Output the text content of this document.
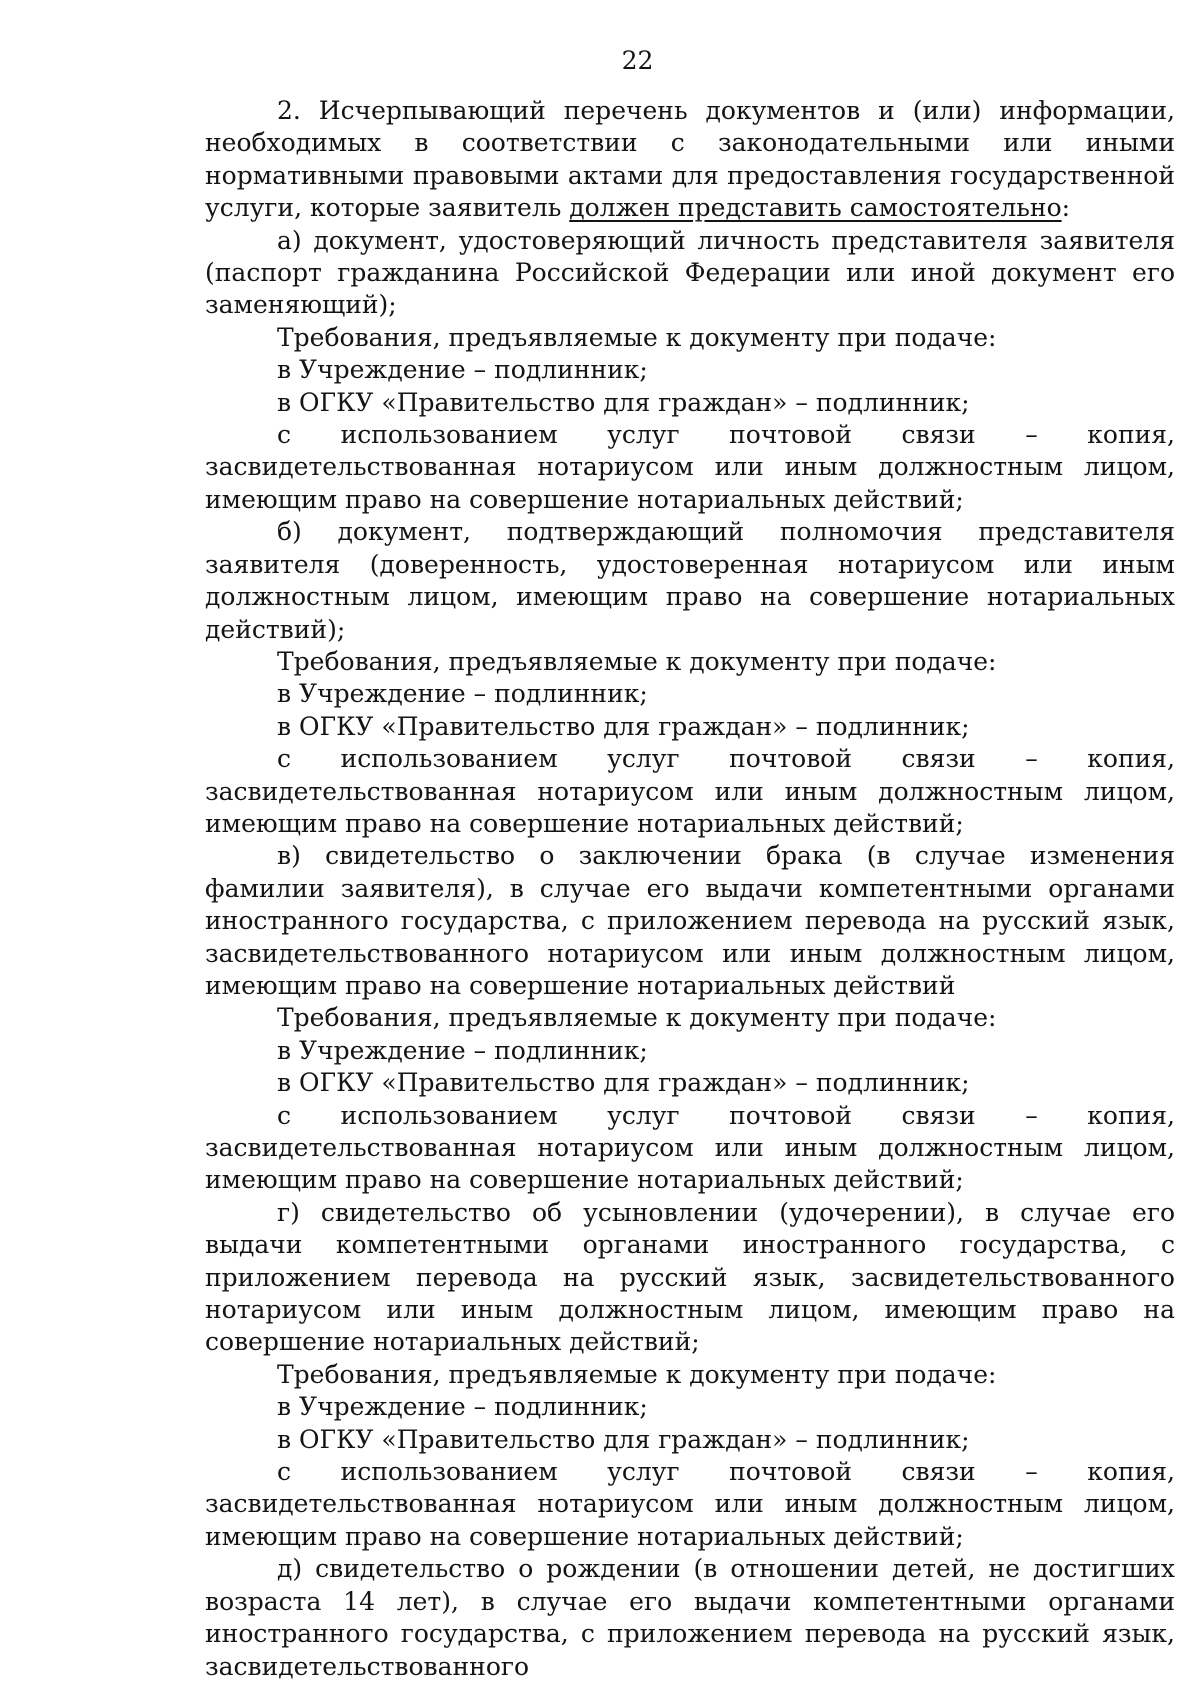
22

2. Исчерпывающий перечень документов и (или) информации, необходимых в соответствии с законодательными или иными нормативными правовыми актами для предоставления государственной услуги, которые заявитель должен представить самостоятельно:

а) документ, удостоверяющий личность представителя заявителя (паспорт гражданина Российской Федерации или иной документ его заменяющий);

Требования, предъявляемые к документу при подаче:

в Учреждение – подлинник;

в ОГКУ «Правительство для граждан» – подлинник;

с использованием услуг почтовой связи – копия, засвидетельствованная нотариусом или иным должностным лицом, имеющим право на совершение нотариальных действий;

б) документ, подтверждающий полномочия представителя заявителя (доверенность, удостоверенная нотариусом или иным должностным лицом, имеющим право на совершение нотариальных действий);

Требования, предъявляемые к документу при подаче:

в Учреждение – подлинник;

в ОГКУ «Правительство для граждан» – подлинник;

с использованием услуг почтовой связи – копия, засвидетельствованная нотариусом или иным должностным лицом, имеющим право на совершение нотариальных действий;

в) свидетельство о заключении брака (в случае изменения фамилии заявителя), в случае его выдачи компетентными органами иностранного государства, с приложением перевода на русский язык, засвидетельствованного нотариусом или иным должностным лицом, имеющим право на совершение нотариальных действий

Требования, предъявляемые к документу при подаче:

в Учреждение – подлинник;

в ОГКУ «Правительство для граждан» – подлинник;

с использованием услуг почтовой связи – копия, засвидетельствованная нотариусом или иным должностным лицом, имеющим право на совершение нотариальных действий;

г) свидетельство об усыновлении (удочерении), в случае его выдачи компетентными органами иностранного государства, с приложением перевода на русский язык, засвидетельствованного нотариусом или иным должностным лицом, имеющим право на совершение нотариальных действий;

Требования, предъявляемые к документу при подаче:

в Учреждение – подлинник;

в ОГКУ «Правительство для граждан» – подлинник;

с использованием услуг почтовой связи – копия, засвидетельствованная нотариусом или иным должностным лицом, имеющим право на совершение нотариальных действий;

д) свидетельство о рождении (в отношении детей, не достигших возраста 14 лет), в случае его выдачи компетентными органами иностранного государства, с приложением перевода на русский язык, засвидетельствованного
